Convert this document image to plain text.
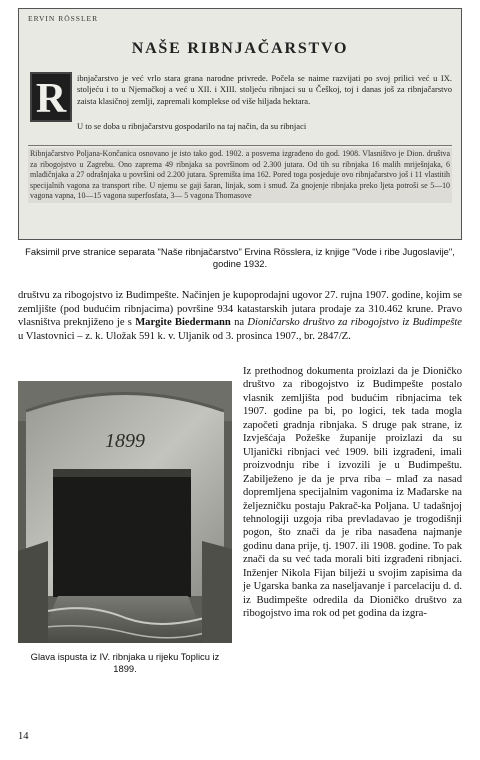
ERVIN RÖSSLER
NAŠE RIBNJAČARSTVO
R	ibnjačarstvo je već vrlo stara grana narodne privrede. Počela se naime razvijati po svoj prilici već u IX. stoljeću i to u Njemačkoj a već u XII. i XIII. stoljeću ribnjaci su u Češkoj, toj i danas još za ribnjačarstvo zaista klasičnoj zemlji, zapremali komplekse od više hiljada hektara.

U to se doba u ribnjačarstvu gospodarilo na taj način, da su ribnjaci

Ribnjačarstvo Poljana-Končanica osnovano je isto tako god. 1902. a posvema izgrađeno do god. 1908. Vlasništvo je Dion. društva za ribogojstvo u Zagrebu. Ono zaprema 49 ribnjaka sa površinom od 2.300 jutara. Od tih su ribnjaka 16 malih mriješnjaka, 6 mlađičnjaka a 27 odrašnjaka u površini od 2.200 jutara. Spremišta ima 162. Pored toga posjeduje ovo ribnjačarstvo još i 11 vlastitih specijalnih vagona za transport ribe. U njemu se gaji šaran, linjak, som i smuđ. Za gnojenje ribnjaka preko ljeta potroši se 5—10 vagona vapna, 10—15 vagona superfosfata, 3— 5 vagona Thomasove

Faksimil prve stranice separata "Naše ribnjačarstvo" Ervina Rösslera, iz knjige "Vode i ribe Jugoslavije", godine 1932.

društvu za ribogojstvo iz Budimpešte. Načinjen je kupoprodajni ugovor 27. rujna 1907. godine, kojim se zemljište (pod budućim ribnjacima) površine 934 katastarskih jutara prodaje za 310.462 krune. Pravo vlasništva preknjiženo je s Margite Biedermann na Dioničarsko društvo za ribogojstvo iz Budimpešte u Vlastovnici – z. k. Uložak 591 k. v. Uljanik od 3. prosinca 1907., br. 2847/Z.

1899

Glava ispusta iz IV. ribnjaka u rijeku Toplicu iz 1899.

Iz prethodnog dokumenta proizlazi da je Dioničko društvo za ribogojstvo iz Budimpešte postalo vlasnik zemljišta pod budućim ribnjacima tek 1907. godine pa bi, po logici, tek tada mogla započeti gradnja ribnjaka. S druge pak strane, iz Izvješćaja Požeške županije proizlazi da su Uljanički ribnjaci već 1909. bili izgrađeni, imali proizvodnju ribe i izvozili je u Budimpeštu. Zabilježeno je da je prva riba – mlađ za nasad dopremljena specijalnim vagonima iz Mađarske na željezničku postaju Pakrač-ka Poljana. U tadašnjoj tehnologiji uzgoja riba prevladavao je trogodišnji pogon, što znači da je riba nasađena najmanje godinu dana prije, tj. 1907. ili 1908. godine. To pak znači da su već tada morali biti izgrađeni ribnjaci. Inženjer Nikola Fijan bilježi u svojim zapisima da je Ugarska banka za naseljavanje i parcelaciju d. d. iz Budimpešte odredila da Dioničko društvo za ribogojstvo ima rok od pet godina da izgra-

14
